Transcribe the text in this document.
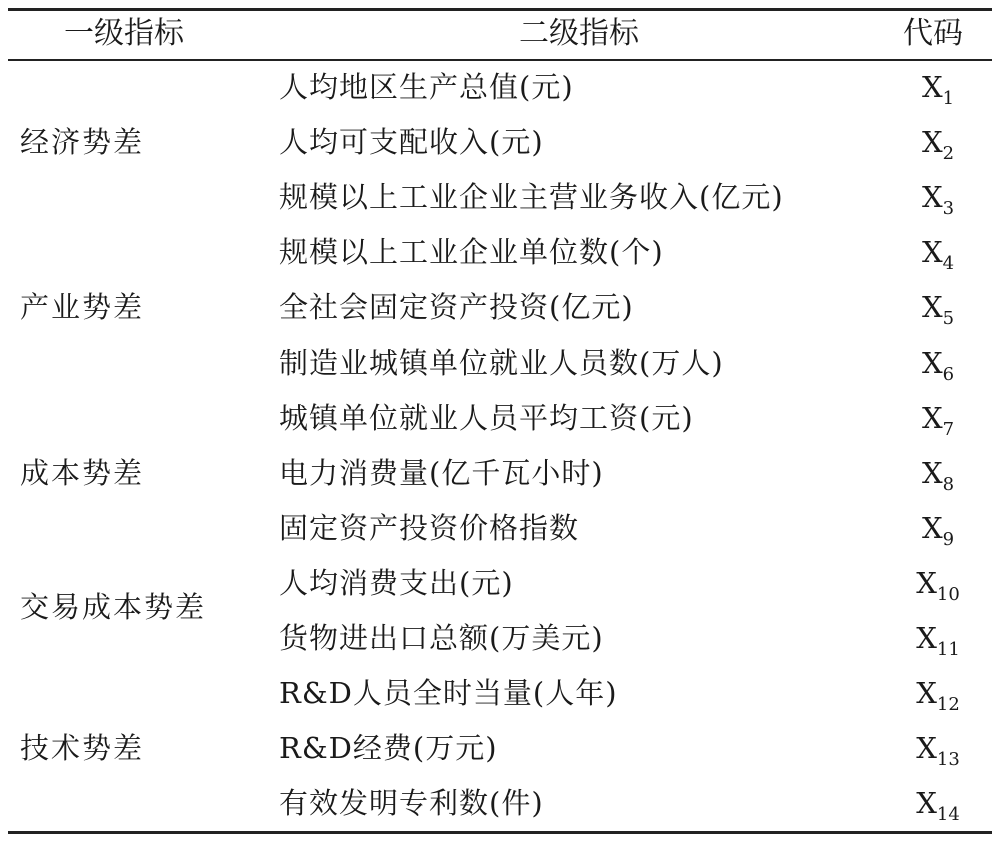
一级指标	二级指标	代码
经济势差
产业势差
成本势差
交易成本势差
技术势差
人均地区生产总值(元)
人均可支配收入(元)
规模以上工业企业主营业务收入(亿元)
规模以上工业企业单位数(个)
全社会固定资产投资(亿元)
制造业城镇单位就业人员数(万人)
城镇单位就业人员平均工资(元)
电力消费量(亿千瓦小时)
固定资产投资价格指数
人均消费支出(元)
货物进出口总额(万美元)
R&D人员全时当量(人年)
R&D经费(万元)
有效发明专利数(件)
$X_1$
$X_2$
$X_3$
$X_4$
$X_5$
$X_6$
$X_7$
$X_8$
$X_9$
$X_{10}$
$X_{11}$
$X_{12}$
$X_{13}$
$X_{14}$
